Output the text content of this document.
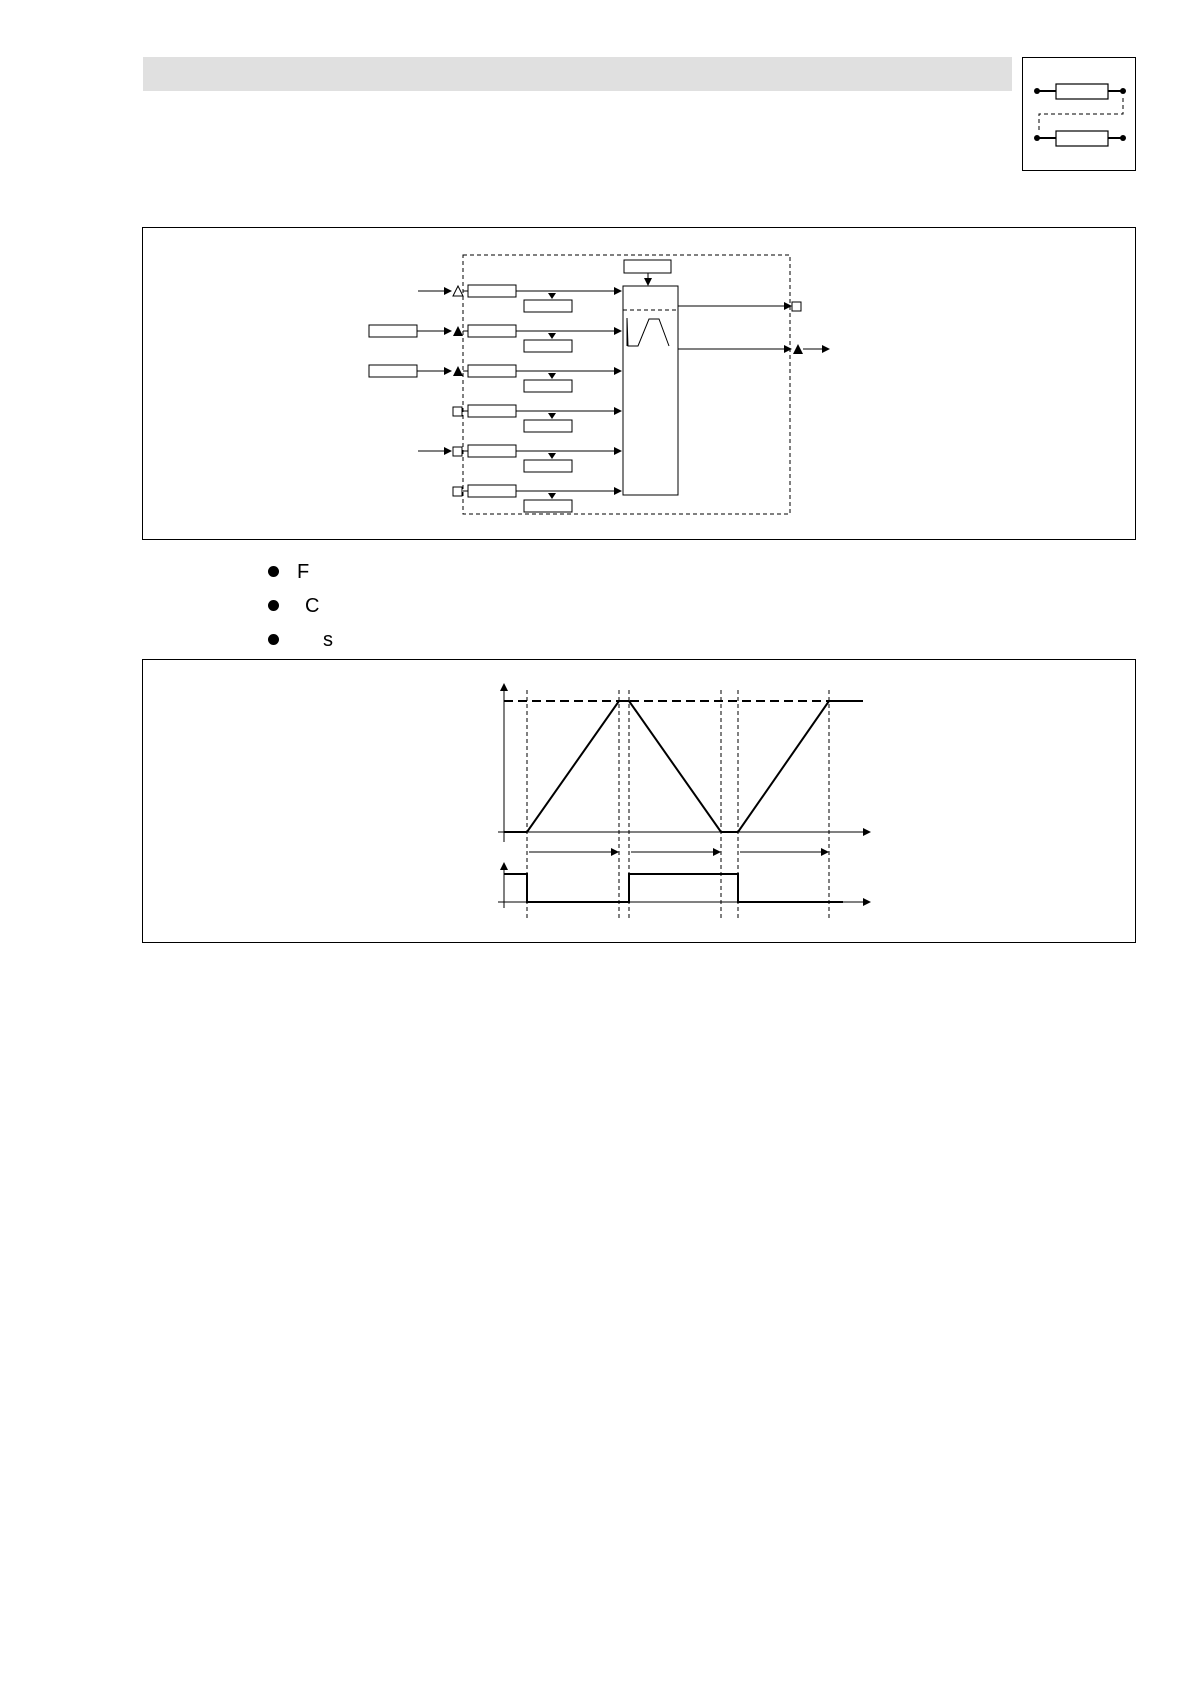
F
C
s
